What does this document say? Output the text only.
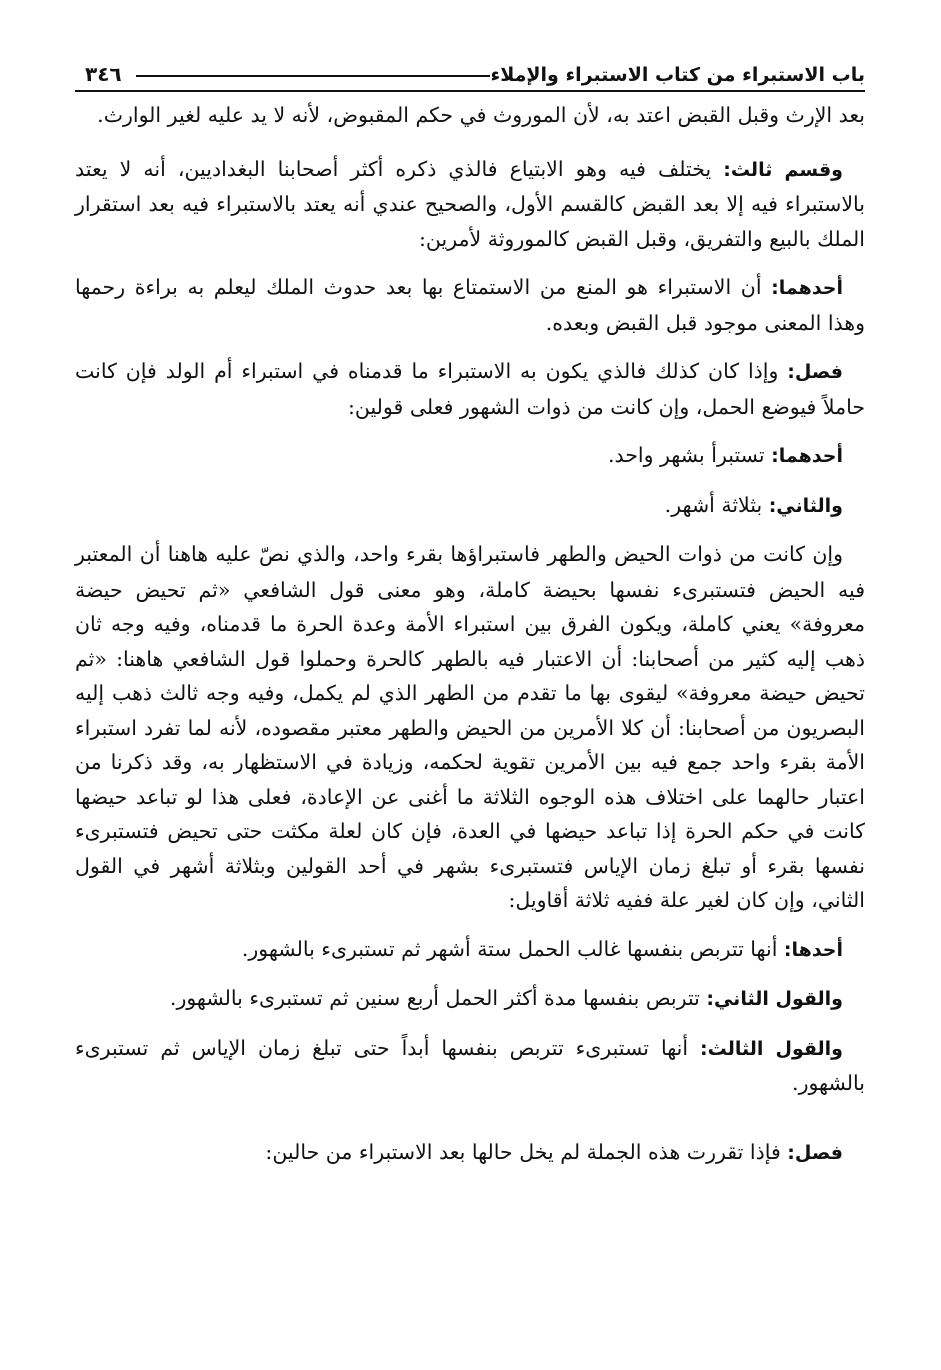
باب الاستبراء من كتاب الاستبراء والإملاء
٣٤٦

بعد الإرث وقبل القبض اعتد به، لأن الموروث في حكم المقبوض، لأنه لا يد عليه لغير الوارث.

وقسم ثالث: يختلف فيه وهو الابتياع فالذي ذكره أكثر أصحابنا البغداديين، أنه لا يعتد بالاستبراء فيه إلا بعد القبض كالقسم الأول، والصحيح عندي أنه يعتد بالاستبراء فيه بعد استقرار الملك بالبيع والتفريق، وقبل القبض كالموروثة لأمرين:

أحدهما: أن الاستبراء هو المنع من الاستمتاع بها بعد حدوث الملك ليعلم به براءة رحمها وهذا المعنى موجود قبل القبض وبعده.

فصل: وإذا كان كذلك فالذي يكون به الاستبراء ما قدمناه في استبراء أم الولد فإن كانت حاملاً فيوضع الحمل، وإن كانت من ذوات الشهور فعلى قولين:

أحدهما: تستبرأ بشهر واحد.

والثاني: بثلاثة أشهر.

وإن كانت من ذوات الحيض والطهر فاستبراؤها بقرء واحد، والذي نصّ عليه هاهنا أن المعتبر فيه الحيض فتستبرىء نفسها بحيضة كاملة، وهو معنى قول الشافعي «ثم تحيض حيضة معروفة» يعني كاملة، ويكون الفرق بين استبراء الأمة وعدة الحرة ما قدمناه، وفيه وجه ثان ذهب إليه كثير من أصحابنا: أن الاعتبار فيه بالطهر كالحرة وحملوا قول الشافعي هاهنا: «ثم تحيض حيضة معروفة» ليقوى بها ما تقدم من الطهر الذي لم يكمل، وفيه وجه ثالث ذهب إليه البصريون من أصحابنا: أن كلا الأمرين من الحيض والطهر معتبر مقصوده، لأنه لما تفرد استبراء الأمة بقرء واحد جمع فيه بين الأمرين تقوية لحكمه، وزيادة في الاستظهار به، وقد ذكرنا من اعتبار حالهما على اختلاف هذه الوجوه الثلاثة ما أغنى عن الإعادة، فعلى هذا لو تباعد حيضها كانت في حكم الحرة إذا تباعد حيضها في العدة، فإن كان لعلة مكثت حتى تحيض فتستبرىء نفسها بقرء أو تبلغ زمان الإياس فتستبرىء بشهر في أحد القولين وبثلاثة أشهر في القول الثاني، وإن كان لغير علة ففيه ثلاثة أقاويل:

أحدها: أنها تتربص بنفسها غالب الحمل ستة أشهر ثم تستبرىء بالشهور.

والقول الثاني: تتربص بنفسها مدة أكثر الحمل أربع سنين ثم تستبرىء بالشهور.

والقول الثالث: أنها تستبرىء تتربص بنفسها أبداً حتى تبلغ زمان الإياس ثم تستبرىء بالشهور.

فصل: فإذا تقررت هذه الجملة لم يخل حالها بعد الاستبراء من حالين:
